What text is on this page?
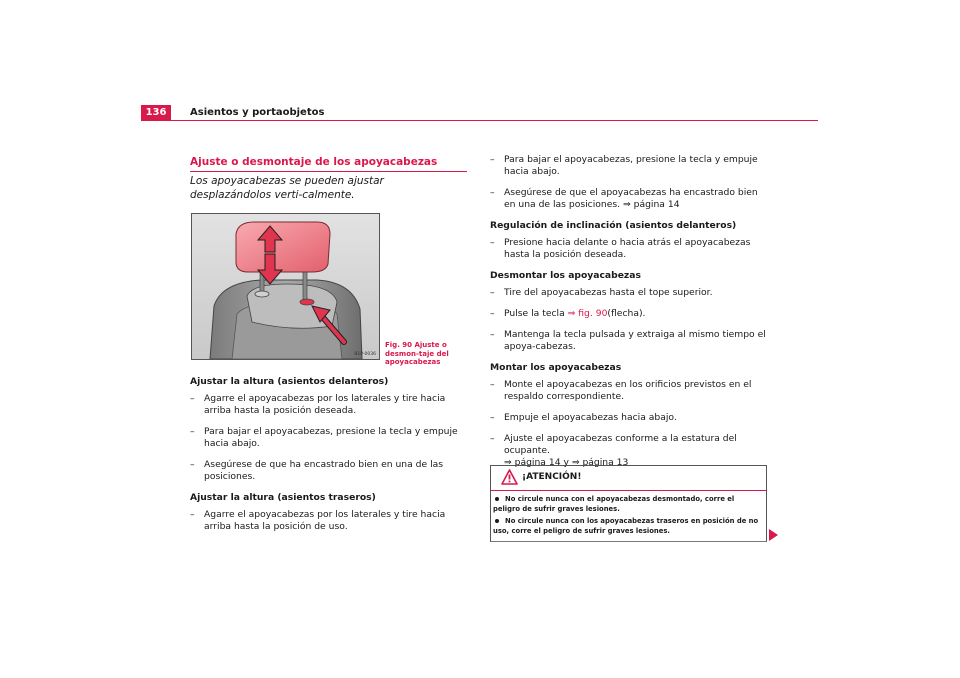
136	Asientos y portaobjetos
Ajuste o desmontaje de los apoyacabezas
Los apoyacabezas se pueden ajustar desplazándolos verti-calmente.
B1P-0036
Fig. 90 Ajuste o desmon-taje del apoyacabezas
Ajustar la altura (asientos delanteros)
– Agarre el apoyacabezas por los laterales y tire hacia arriba hasta la posición deseada.
– Para bajar el apoyacabezas, presione la tecla y empuje hacia abajo.
– Asegúrese de que ha encastrado bien en una de las posiciones.
Ajustar la altura (asientos traseros)
– Agarre el apoyacabezas por los laterales y tire hacia arriba hasta la posición de uso.
– Para bajar el apoyacabezas, presione la tecla y empuje hacia abajo.
– Asegúrese de que el apoyacabezas ha encastrado bien en una de las posiciones. ⇒ página 14
Regulación de inclinación (asientos delanteros)
– Presione hacia delante o hacia atrás el apoyacabezas hasta la posición deseada.
Desmontar los apoyacabezas
– Tire del apoyacabezas hasta el tope superior.
– Pulse la tecla ⇒ fig. 90(flecha).
– Mantenga la tecla pulsada y extraiga al mismo tiempo el apoya-cabezas.
Montar los apoyacabezas
– Monte el apoyacabezas en los orificios previstos en el respaldo correspondiente.
– Empuje el apoyacabezas hacia abajo.
– Ajuste el apoyacabezas conforme a la estatura del ocupante.
⇒ página 14 y ⇒ página 13
¡ATENCIÓN!
No circule nunca con el apoyacabezas desmontado, corre el peligro de sufrir graves lesiones.
No circule nunca con los apoyacabezas traseros en posición de no uso, corre el peligro de sufrir graves lesiones.
